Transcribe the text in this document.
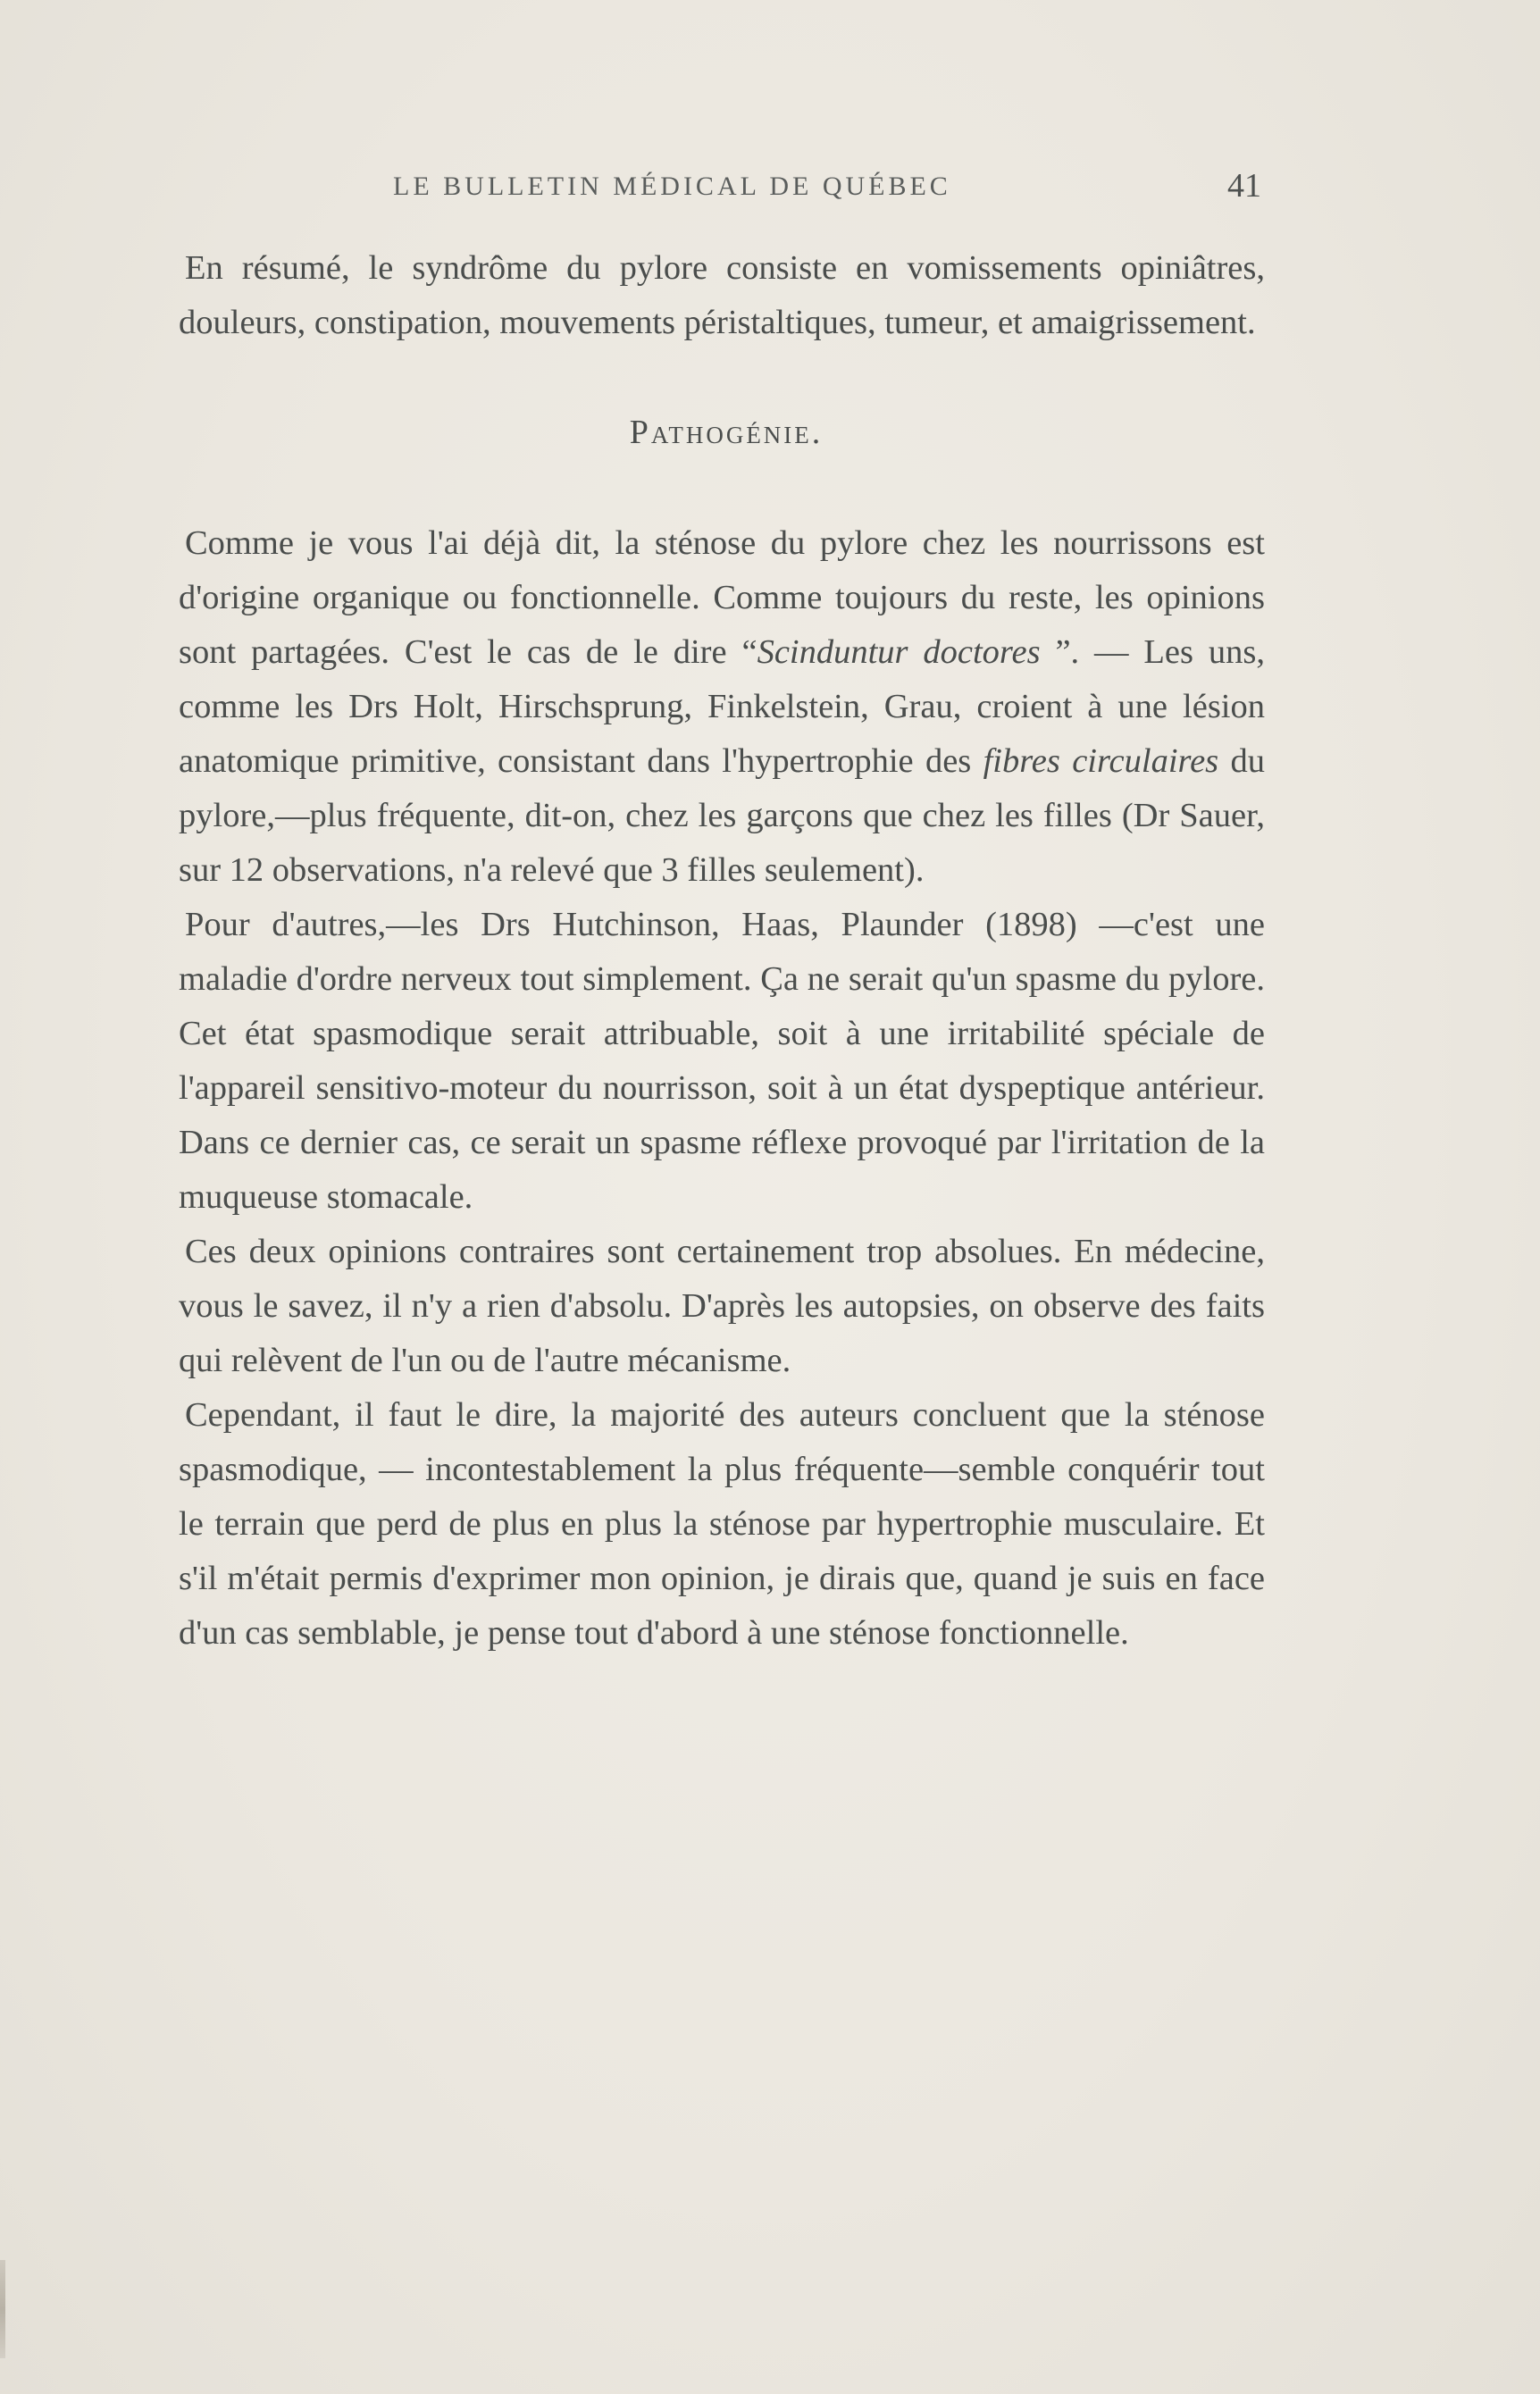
LE BULLETIN MÉDICAL DE QUÉBEC	41

En résumé, le syndrôme du pylore consiste en vomissements opiniâtres, douleurs, constipation, mouvements péristaltiques, tumeur, et amaigrissement.

Pathogénie.

Comme je vous l'ai déjà dit, la sténose du pylore chez les nourrissons est d'origine organique ou fonctionnelle. Comme toujours du reste, les opinions sont partagées. C'est le cas de le dire “Scinduntur doctores ”. — Les uns, comme les Drs Holt, Hirschsprung, Finkelstein, Grau, croient à une lésion anatomique primitive, consistant dans l'hypertrophie des fibres circulaires du pylore,—plus fréquente, dit-on, chez les garçons que chez les filles (Dr Sauer, sur 12 observations, n'a relevé que 3 filles seulement).

Pour d'autres,—les Drs Hutchinson, Haas, Plaunder (1898) —c'est une maladie d'ordre nerveux tout simplement. Ça ne serait qu'un spasme du pylore. Cet état spasmodique serait attribuable, soit à une irritabilité spéciale de l'appareil sensitivo-moteur du nourrisson, soit à un état dyspeptique antérieur. Dans ce dernier cas, ce serait un spasme réflexe provoqué par l'irritation de la muqueuse stomacale.

Ces deux opinions contraires sont certainement trop absolues. En médecine, vous le savez, il n'y a rien d'absolu. D'après les autopsies, on observe des faits qui relèvent de l'un ou de l'autre mécanisme.

Cependant, il faut le dire, la majorité des auteurs concluent que la sténose spasmodique, — incontestablement la plus fréquente—semble conquérir tout le terrain que perd de plus en plus la sténose par hypertrophie musculaire. Et s'il m'était permis d'exprimer mon opinion, je dirais que, quand je suis en face d'un cas semblable, je pense tout d'abord à une sténose fonctionnelle.
